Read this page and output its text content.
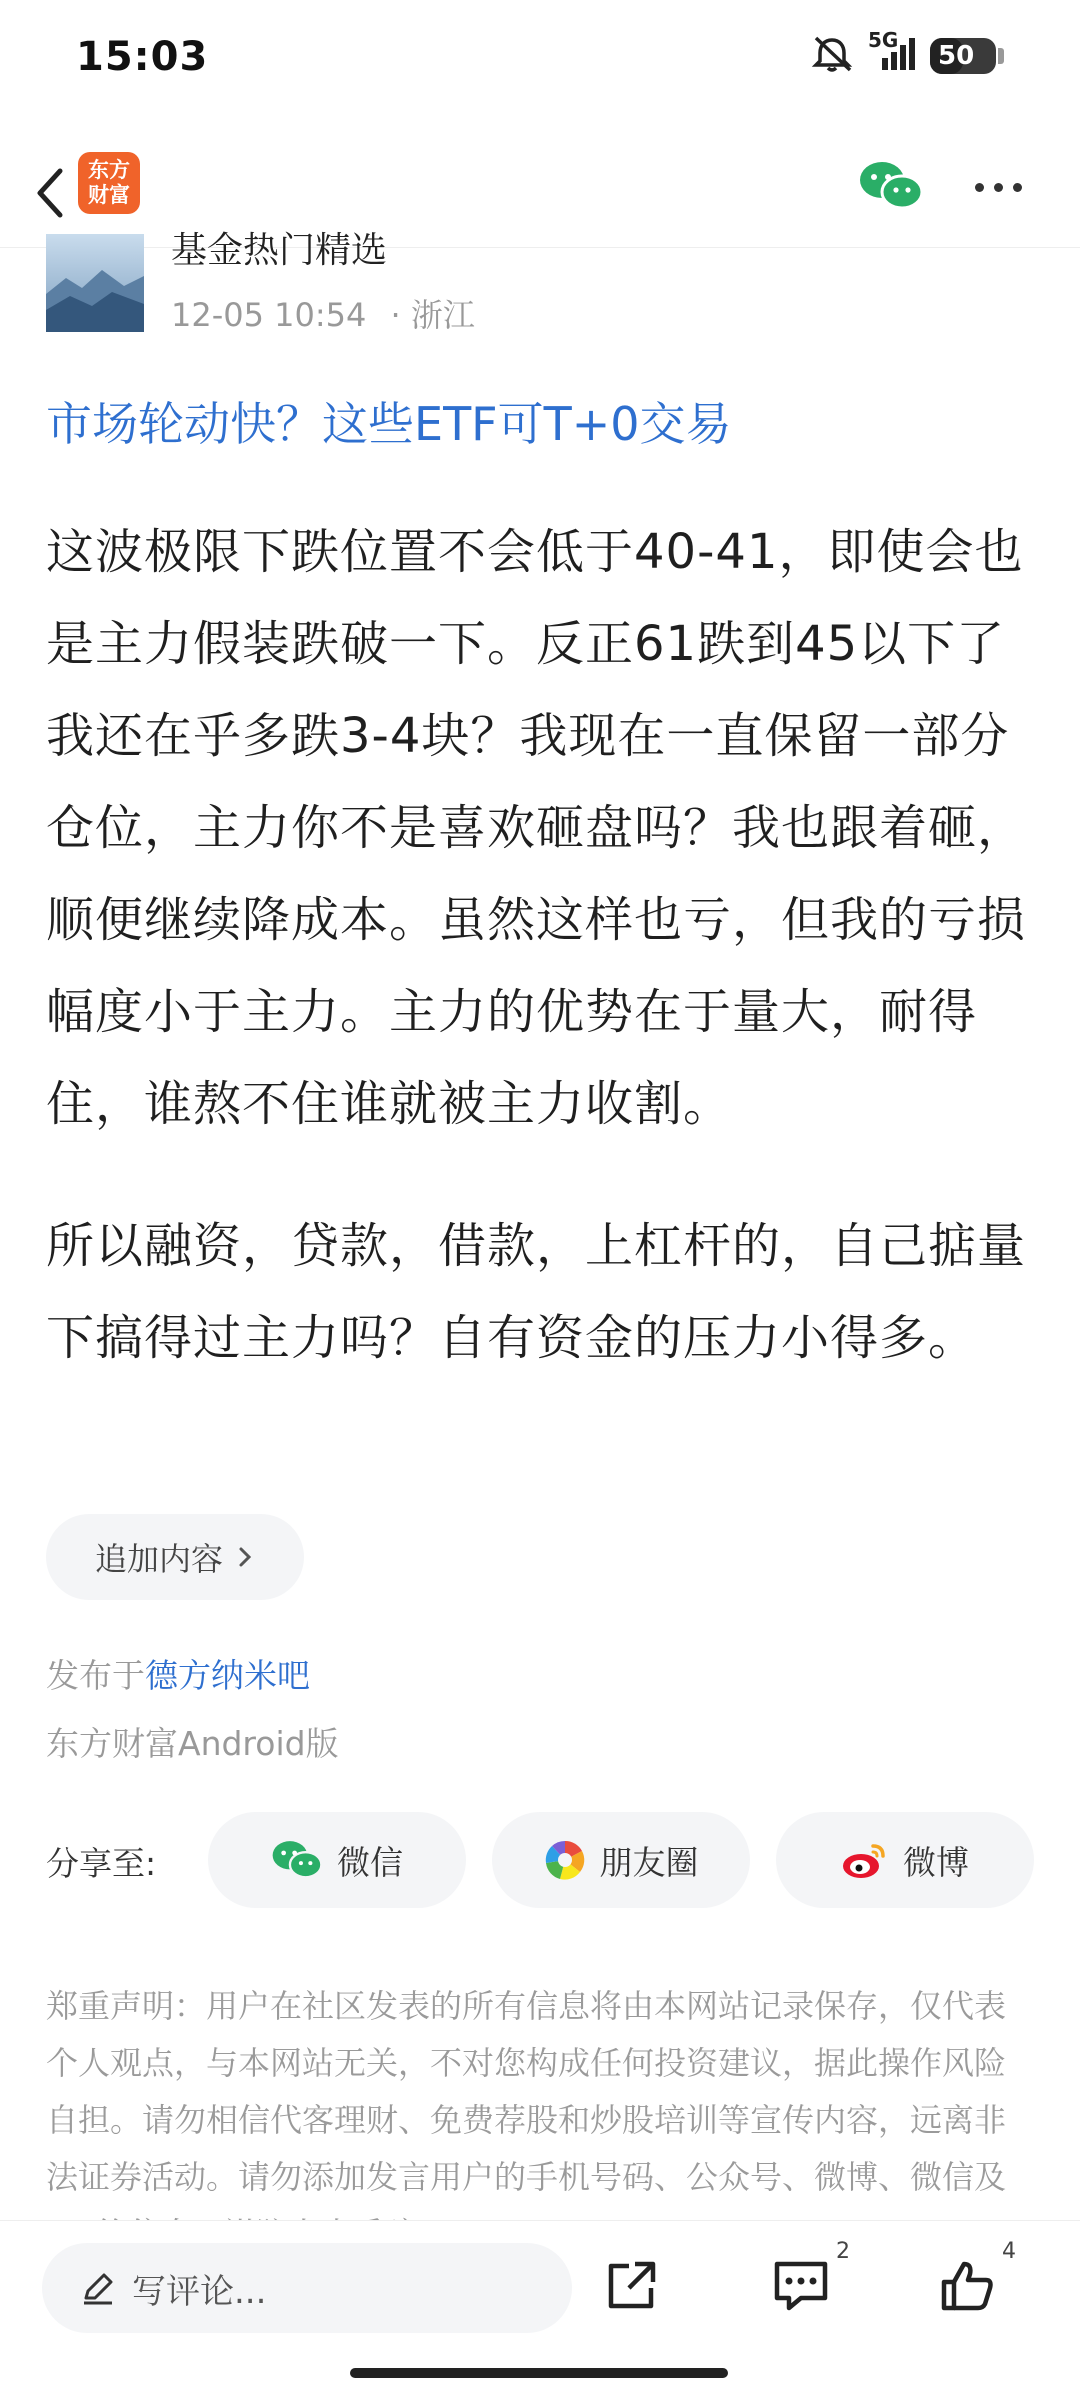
15:03	5G
50
东方财富
基金热门精选
12-05 10:54 · 浙江
市场轮动快？这些ETF可T+0交易
这波极限下跌位置不会低于40-41，即使会也是主力假装跌破一下。反正61跌到45以下了我还在乎多跌3-4块？我现在一直保留一部分仓位，主力你不是喜欢砸盘吗？我也跟着砸，顺便继续降成本。虽然这样也亏，但我的亏损幅度小于主力。主力的优势在于量大，耐得住，谁熬不住谁就被主力收割。
所以融资，贷款，借款，上杠杆的，自己掂量下搞得过主力吗？自有资金的压力小得多。
追加内容
发布于德方纳米吧
东方财富Android版
分享至:	微信	朋友圈	微博
郑重声明：用户在社区发表的所有信息将由本网站记录保存，仅代表个人观点，与本网站无关，不对您构成任何投资建议，据此操作风险自担。请勿相信代客理财、免费荐股和炒股培训等宣传内容，远离非法证券活动。请勿添加发言用户的手机号码、公众号、微博、微信及
写评论...
2	4
